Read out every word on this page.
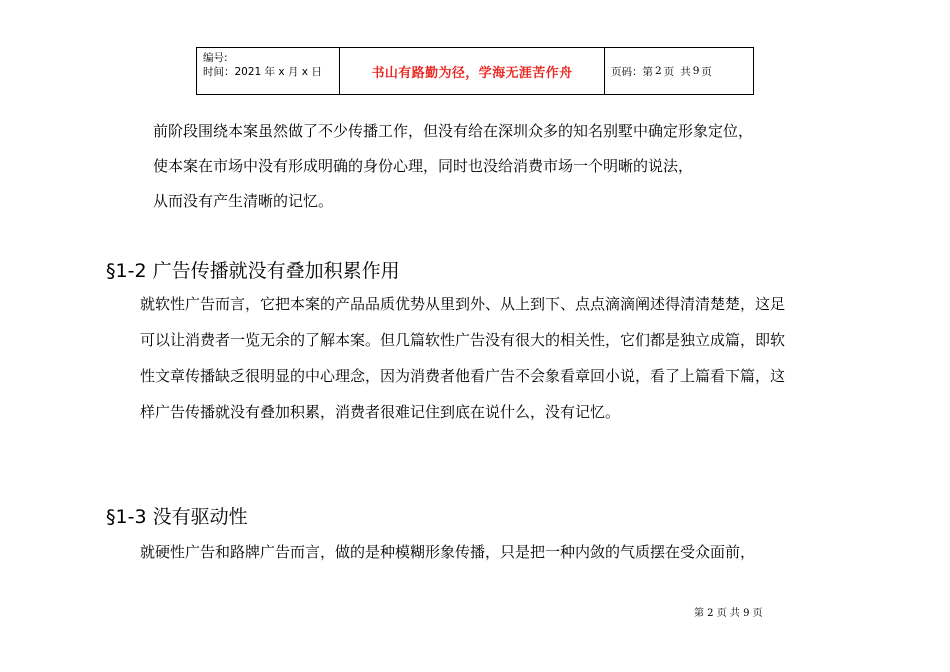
编号:
时间：2021 年 x 月 x 日	书山有路勤为径，学海无涯苦作舟	页码： 第 2 页 共 9 页
前阶段围绕本案虽然做了不少传播工作，但没有给在深圳众多的知名别墅中确定形象定位，
使本案在市场中没有形成明确的身份心理，同时也没给消费市场一个明晰的说法，
从而没有产生清晰的记忆。
§1-2 广告传播就没有叠加积累作用
就软性广告而言，它把本案的产品品质优势从里到外、从上到下、点点滴滴阐述得清清楚楚，这足
可以让消费者一览无余的了解本案。但几篇软性广告没有很大的相关性，它们都是独立成篇，即软
性文章传播缺乏很明显的中心理念，因为消费者他看广告不会象看章回小说，看了上篇看下篇，这
样广告传播就没有叠加积累，消费者很难记住到底在说什么，没有记忆。
§1-3 没有驱动性
就硬性广告和路牌广告而言，做的是种模糊形象传播，只是把一种内敛的气质摆在受众面前，
第 2 页 共 9 页
